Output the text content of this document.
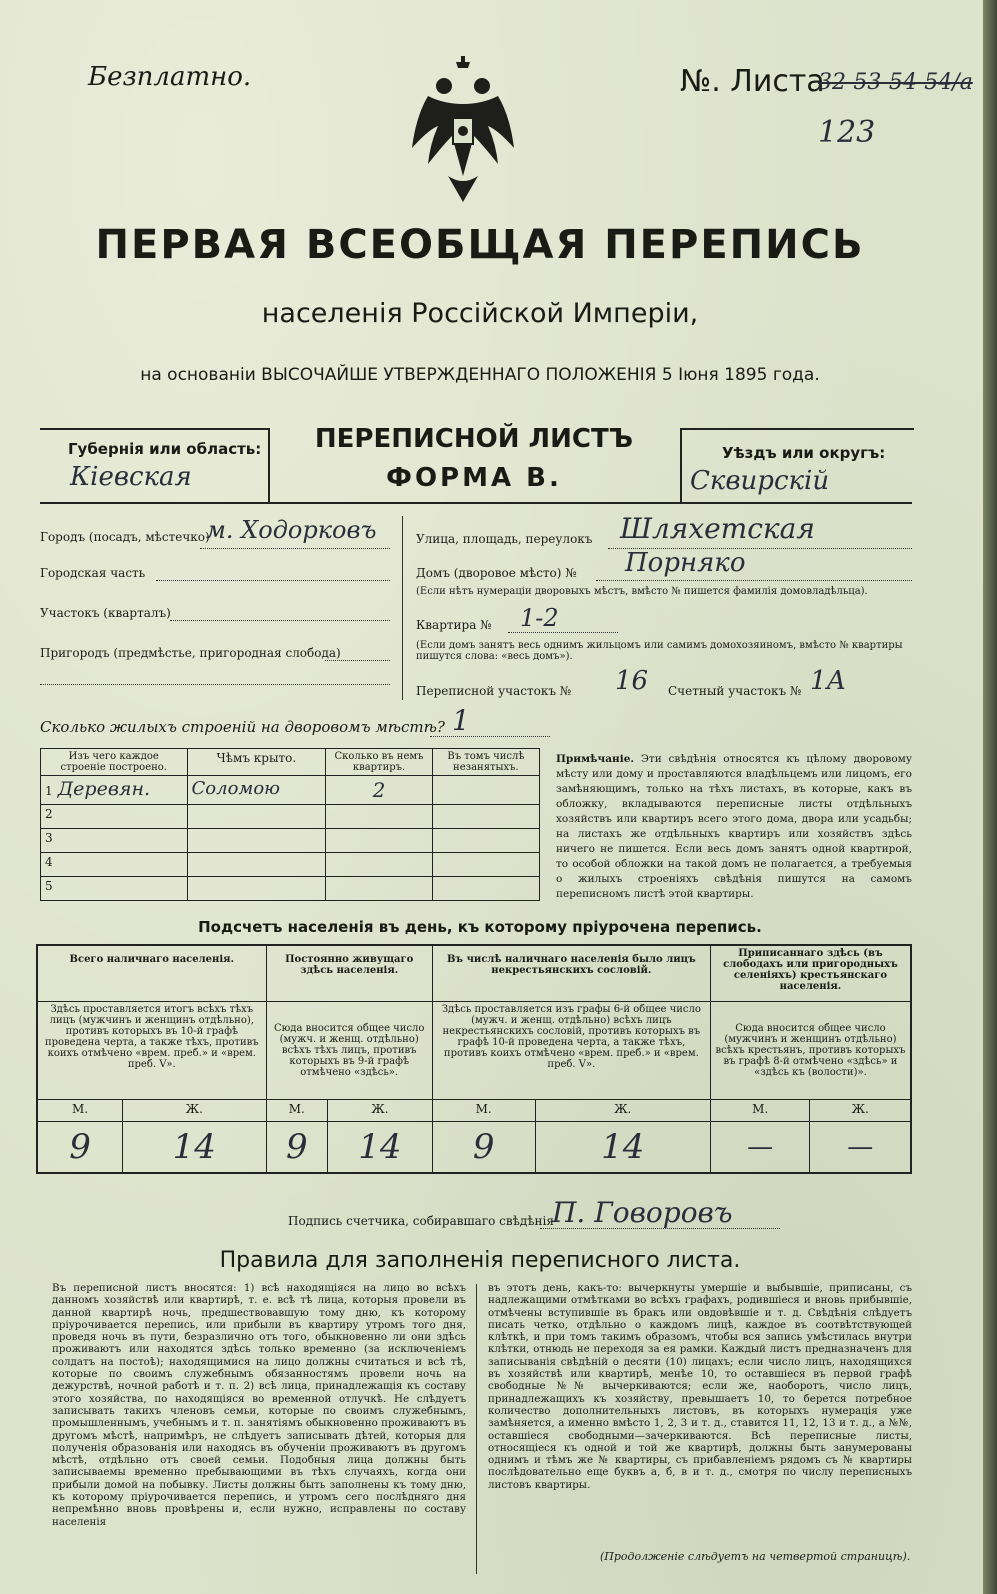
Безплатно.	№. Листа
32-53-54-54/а
123
ПЕРВАЯ ВСЕОБЩАЯ ПЕРЕПИСЬ
населенія Россійской Имперіи,
на основаніи ВЫСОЧАЙШЕ УТВЕРЖДЕННАГО ПОЛОЖЕНІЯ 5 Іюня 1895 года.
Губернія или область:
Кіевская
ПЕРЕПИСНОЙ ЛИСТЪ
ФОРМА В.
Уѣздъ или округъ:
Сквирскій
Городъ (посадъ, мѣстечко)
м. Ходорковъ
Городская часть
Участокъ (кварталъ)
Пригородъ (предмѣстье, пригородная слобода)
Улица, площадь, переулокъ Шляхетская
Домъ (дворовое мѣсто) № Порняко
(Если нѣтъ нумераціи дворовыхъ мѣстъ, вмѣсто № пишется фамилія домовладѣльца).
Квартира № 1-2
(Если домъ занятъ весь однимъ жильцомъ или самимъ домохозяиномъ, вмѣсто № квартиры пишутся слова: «весь домъ»).
Переписной участокъ № 16 Счетный участокъ № 1А
Сколько жилыхъ строеній на дворовомъ мѣстѣ? 1
Изъ чего каждое строеніе построено.	Чѣмъ крыто.	Сколько въ немъ квартиръ.	Въ томъ числѣ незанятыхъ.
1 Деревян.	Соломою	2	
2			
3			
4			
5			
Примѣчаніе. Эти свѣдѣнія относятся къ цѣлому дворовому мѣсту или дому и проставляются владѣльцемъ или лицомъ, его замѣняющимъ, только на тѣхъ листахъ, въ которые, какъ въ обложку, вкладываются переписные листы отдѣльныхъ хозяйствъ или квартиръ всего этого дома, двора или усадьбы; на листахъ же отдѣльныхъ квартиръ или хозяйствъ здѣсь ничего не пишется. Если весь домъ занятъ одной квартирой, то особой обложки на такой домъ не полагается, а требуемыя о жилыхъ строеніяхъ свѣдѣнія пишутся на самомъ переписномъ листѣ этой квартиры.
Подсчетъ населенія въ день, къ которому пріурочена перепись.
Всего наличнаго населенія.		Постоянно живущаго здѣсь населенія.		Въ числѣ наличнаго населенія было лицъ некрестьянскихъ сословій.		Приписаннаго здѣсь (въ слободахъ или пригородныхъ селеніяхъ) крестьянскаго населенія.	
Здѣсь проставляется итогъ всѣхъ тѣхъ лицъ (мужчинъ и женщинъ отдѣльно), противъ которыхъ въ 10-й графѣ проведена черта, а также тѣхъ, противъ коихъ отмѣчено «врем. преб.» и «врем. преб. V».		Сюда вносится общее число (мужч. и женщ. отдѣльно) всѣхъ тѣхъ лицъ, противъ которыхъ въ 9-й графѣ отмѣчено «здѣсь».		Здѣсь проставляется изъ графы 6-й общее число (мужч. и женщ. отдѣльно) всѣхъ лицъ некрестьянскихъ сословій, противъ которыхъ въ графѣ 10-й проведена черта, а также тѣхъ, противъ коихъ отмѣчено «врем. преб.» и «врем. преб. V».		Сюда вносится общее число (мужчинъ и женщинъ отдѣльно) всѣхъ крестьянъ, противъ которыхъ въ графѣ 8-й отмѣчено «здѣсь» и «здѣсь къ (волости)».	
М.	Ж.	М.	Ж.	М.	Ж.	М.	Ж.
9	14	9	14	9	14	—	—
Подпись счетчика, собиравшаго свѣдѣнія
П. Говоровъ
Правила для заполненія переписного листа.
Въ переписной листъ вносятся: 1) всѣ находящіяся на лицо во всѣхъ данномъ хозяйствѣ или квартирѣ, т. е. всѣ тѣ лица, которыя провели въ данной квартирѣ ночь, предшествовавшую тому дню, къ которому пріурочивается перепись, или прибыли въ квартиру утромъ того дня, проведя ночь въ пути, безразлично отъ того, обыкновенно ли они здѣсь проживаютъ или находятся здѣсь только временно (за исключеніемъ солдатъ на постоѣ); находящимися на лицо должны считаться и всѣ тѣ, которые по своимъ служебнымъ обязанностямъ провели ночь на дежурствѣ, ночной работѣ и т. п. 2) всѣ лица, принадлежащія къ составу этого хозяйства, по находящіяся во временной отлучкѣ. Не слѣдуетъ записывать такихъ членовъ семьи, которые по своимъ служебнымъ, промышленнымъ, учебнымъ и т. п. занятіямъ обыкновенно проживаютъ въ другомъ мѣстѣ, напримѣръ, не слѣдуетъ записывать дѣтей, которыя для полученія образованія или находясь въ обученіи проживаютъ въ другомъ мѣстѣ, отдѣльно отъ своей семьи. Подобныя лица должны быть записываемы временно пребывающими въ тѣхъ случаяхъ, когда они прибыли домой на побывку. Листы должны быть заполнены къ тому дню, къ которому пріурочивается перепись, и утромъ сего послѣдняго дня непремѣнно вновь провѣрены и, если нужно, исправлены по составу населенія
въ этотъ день, какъ-то: вычеркнуты умершіе и выбывшіе, приписаны, съ надлежащими отмѣтками во всѣхъ графахъ, родившіеся и вновь прибывшіе, отмѣчены вступившіе въ бракъ или овдовѣвшіе и т. д. Свѣдѣнія слѣдуетъ писать четко, отдѣльно о каждомъ лицѣ, каждое въ соотвѣтствующей клѣткѣ, и при томъ такимъ образомъ, чтобы вся запись умѣстилась внутри клѣтки, отнюдь не переходя за ея рамки. Каждый листъ предназначенъ для записыванія свѣдѣній о десяти (10) лицахъ; если число лицъ, находящихся въ хозяйствѣ или квартирѣ, менѣе 10, то оставшіеся въ первой графѣ свободные №№ вычеркиваются; если же, наоборотъ, число лицъ, принадлежащихъ къ хозяйству, превышаетъ 10, то берется потребное количество дополнительныхъ листовъ, въ которыхъ нумерація уже замѣняется, а именно вмѣсто 1, 2, 3 и т. д., ставится 11, 12, 13 и т. д., а №№, оставшіеся свободными—зачеркиваются. Всѣ переписные листы, относящіеся къ одной и той же квартирѣ, должны быть занумерованы однимъ и тѣмъ же № квартиры, съ прибавленіемъ рядомъ съ № квартиры послѣдовательно еще буквъ а, б, в и т. д., смотря по числу переписныхъ листовъ квартиры.
(Продолженіе слѣдуетъ на четвертой страницѣ).
